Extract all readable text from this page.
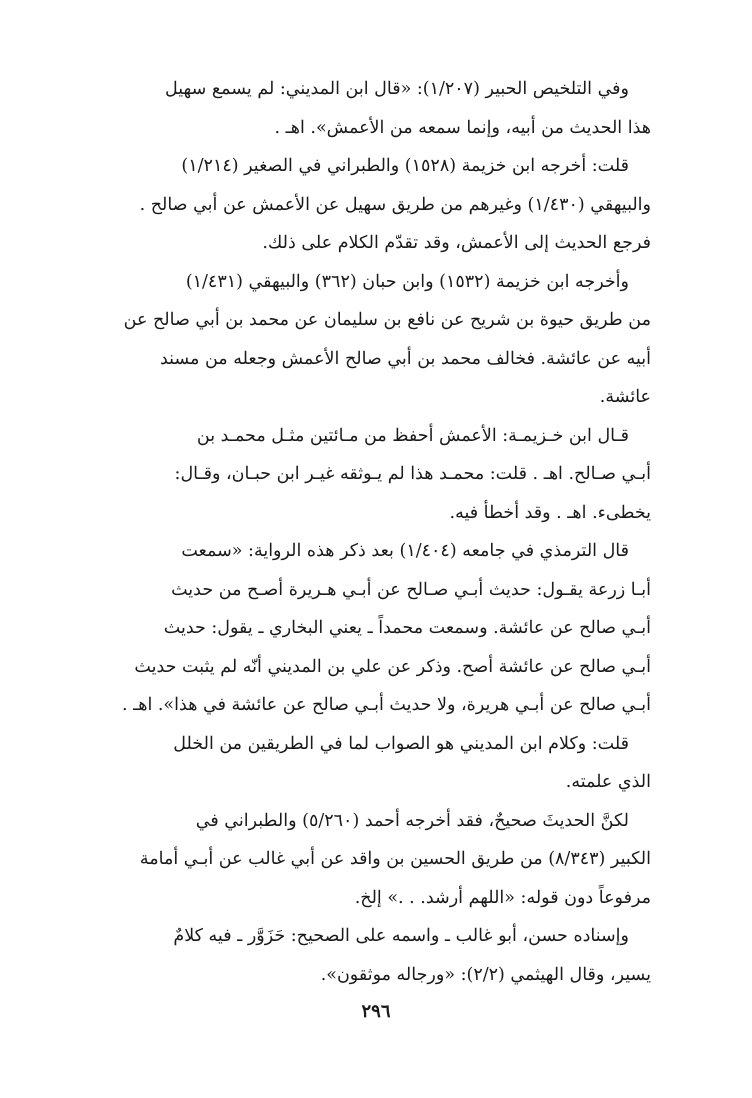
وفي التلخيص الحبير (١/٢٠٧): «قال ابن المديني: لم يسمع سهيل
هذا الحديث من أبيه، وإنما سمعه من الأعمش». اهـ .

قلت: أخرجه ابن خزيمة (١٥٢٨) والطبراني في الصغير (١/٢١٤)
والبيهقي (١/٤٣٠) وغيرهم من طريق سهيل عن الأعمش عن أبي صالح .
فرجع الحديث إلى الأعمش، وقد تقدّم الكلام على ذلك.

وأخرجه ابن خزيمة (١٥٣٢) وابن حبان (٣٦٢) والبيهقي (١/٤٣١)
من طريق حيوة بن شريح عن نافع بن سليمان عن محمد بن أبي صالح عن
أبيه عن عائشة. فخالف محمد بن أبي صالح الأعمش وجعله من مسند
عائشة.

قـال ابن خـزيمـة: الأعمش أحفظ من مـائتين مثـل محمـد بن
أبـي صـالح. اهـ . قلت: محمـد هذا لم يـوثقه غيـر ابن حبـان، وقـال:
يخطىء. اهـ . وقد أخطأ فيه.

قال الترمذي في جامعه (١/٤٠٤) بعد ذكر هذه الرواية: «سمعت
أبـا زرعة يقـول: حديث أبـي صـالح عن أبـي هـريرة أصـح من حديث
أبـي صالح عن عائشة. وسمعت محمداً ـ يعني البخاري ـ يقول: حديث
أبـي صالح عن عائشة أصح. وذكر عن علي بن المديني أنّه لم يثبت حديث
أبـي صالح عن أبـي هريرة، ولا حديث أبـي صالح عن عائشة في هذا». اهـ .

قلت: وكلام ابن المديني هو الصواب لما في الطريقين من الخلل
الذي علمته.

لكنَّ الحديثَ صحيحٌ، فقد أخرجه أحمد (٥/٢٦٠) والطبراني في
الكبير (٨/٣٤٣) من طريق الحسين بن واقد عن أبي غالب عن أبـي أمامة
مرفوعاً دون قوله: «اللهم أرشد. . .» إلخ.

وإسناده حسن، أبو غالب ـ واسمه على الصحيح: حَزَوَّر ـ فيه كلامٌ
يسير، وقال الهيثمي (٢/٢): «ورجاله موثقون».

٢٩٦
